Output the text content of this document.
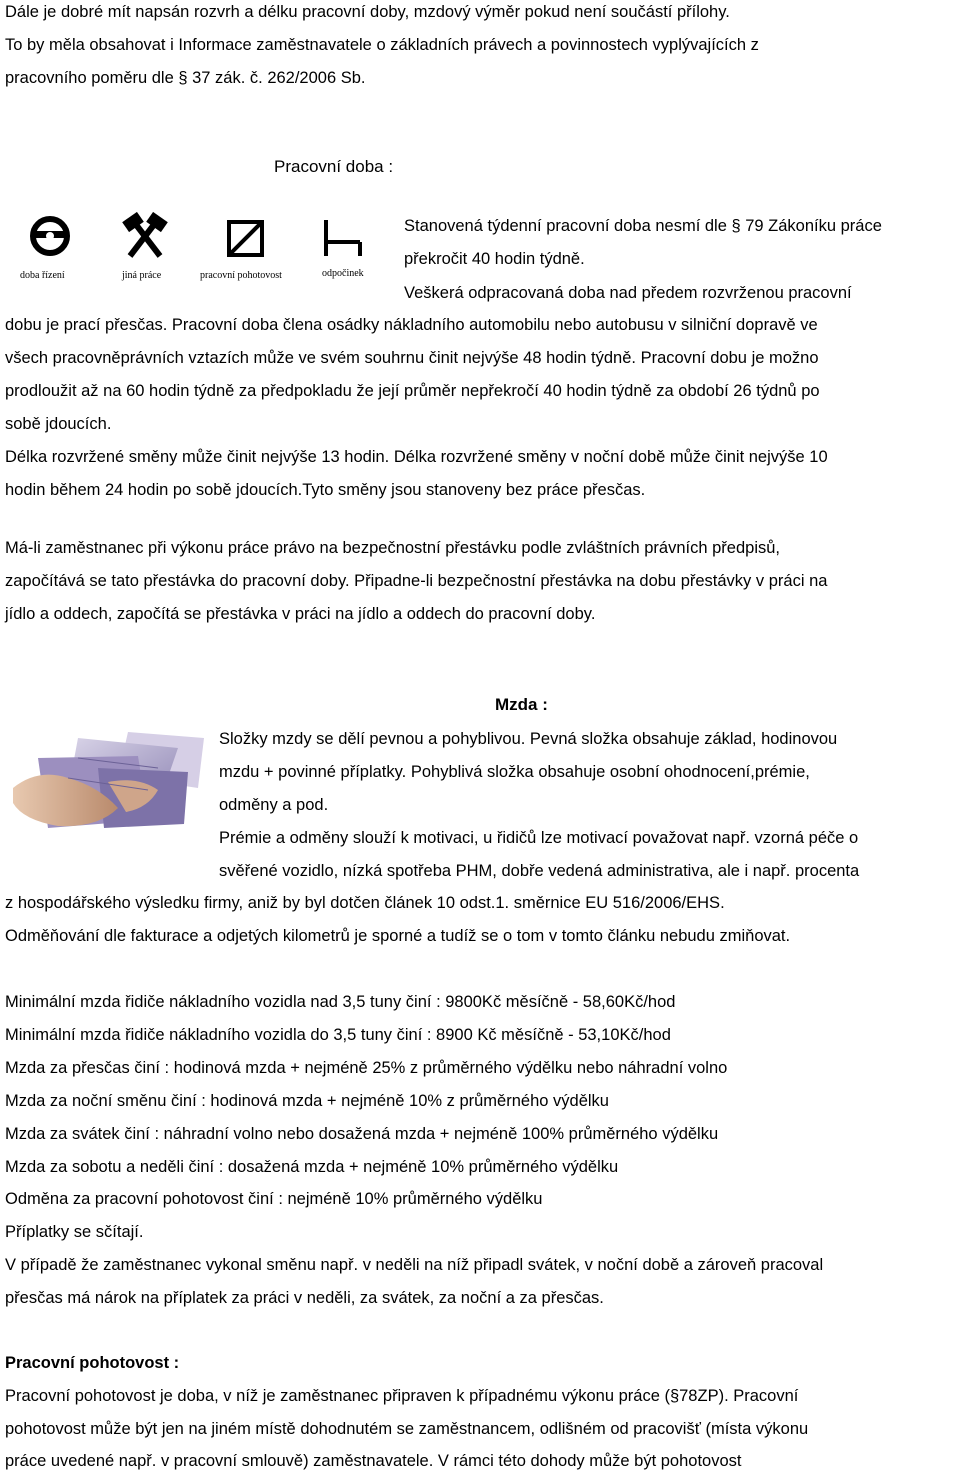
Dále je dobré mít napsán rozvrh a délku pracovní doby, mzdový výměr pokud není součástí přílohy.
To by měla obsahovat i Informace zaměstnavatele o základních právech a povinnostech vyplývajících z
pracovního poměru dle § 37 zák. č. 262/2006 Sb.
Pracovní doba :
doba řízení	jiná práce	pracovní pohotovost	odpočinek
Stanovená týdenní pracovní doba nesmí dle § 79 Zákoníku práce
překročit 40 hodin týdně.
Veškerá odpracovaná doba nad předem rozvrženou pracovní
dobu je prací přesčas. Pracovní doba člena osádky nákladního automobilu nebo autobusu v silniční dopravě ve
všech pracovněprávních vztazích může ve svém souhrnu činit nejvýše 48 hodin týdně. Pracovní dobu je možno
prodloužit až na 60 hodin týdně za předpokladu že její průměr nepřekročí 40 hodin týdně za období 26 týdnů po
sobě jdoucích.
Délka rozvržené směny může činit nejvýše 13 hodin. Délka rozvržené směny v noční době může činit nejvýše 10
hodin během 24 hodin po sobě jdoucích.Tyto směny jsou stanoveny bez práce přesčas.
Má-li zaměstnanec při výkonu práce právo na bezpečnostní přestávku podle zvláštních právních předpisů,
započítává se tato přestávka do pracovní doby. Připadne-li bezpečnostní přestávka na dobu přestávky v práci na
jídlo a oddech, započítá se přestávka v práci na jídlo a oddech do pracovní doby.
Mzda :
Složky mzdy se dělí pevnou a pohyblivou. Pevná složka obsahuje základ, hodinovou
mzdu + povinné příplatky. Pohyblivá složka obsahuje osobní ohodnocení,prémie,
odměny a pod.
Prémie a odměny slouží k motivaci, u řidičů lze motivací považovat např. vzorná péče o
svěřené vozidlo, nízká spotřeba PHM, dobře vedená administrativa, ale i např. procenta
z hospodářského výsledku firmy, aniž by byl dotčen článek 10 odst.1. směrnice EU 516/2006/EHS.
Odměňování dle fakturace a odjetých kilometrů je sporné a tudíž se o tom v tomto článku nebudu zmiňovat.
Minimální mzda řidiče nákladního vozidla nad 3,5 tuny činí : 9800Kč měsíčně - 58,60Kč/hod
Minimální mzda řidiče nákladního vozidla do 3,5 tuny činí : 8900 Kč měsíčně - 53,10Kč/hod
Mzda za přesčas činí : hodinová mzda + nejméně 25% z průměrného výdělku nebo náhradní volno
Mzda za noční směnu činí : hodinová mzda + nejméně 10% z průměrného výdělku
Mzda za svátek činí : náhradní volno nebo dosažená mzda + nejméně 100% průměrného výdělku
Mzda za sobotu a neděli činí : dosažená mzda + nejméně 10% průměrného výdělku
Odměna za pracovní pohotovost činí : nejméně 10% průměrného výdělku
Příplatky se sčítají.
V případě že zaměstnanec vykonal směnu např. v neděli na níž připadl svátek, v noční době a zároveň pracoval
přesčas má nárok na příplatek za práci v neděli, za svátek, za noční a za přesčas.
Pracovní pohotovost :
Pracovní pohotovost je doba, v níž je zaměstnanec připraven k případnému výkonu práce (§78ZP). Pracovní
pohotovost může být jen na jiném místě dohodnutém se zaměstnancem, odlišném od pracovišť (místa výkonu
práce uvedené např. v pracovní smlouvě) zaměstnavatele. V rámci této dohody může být pohotovost
